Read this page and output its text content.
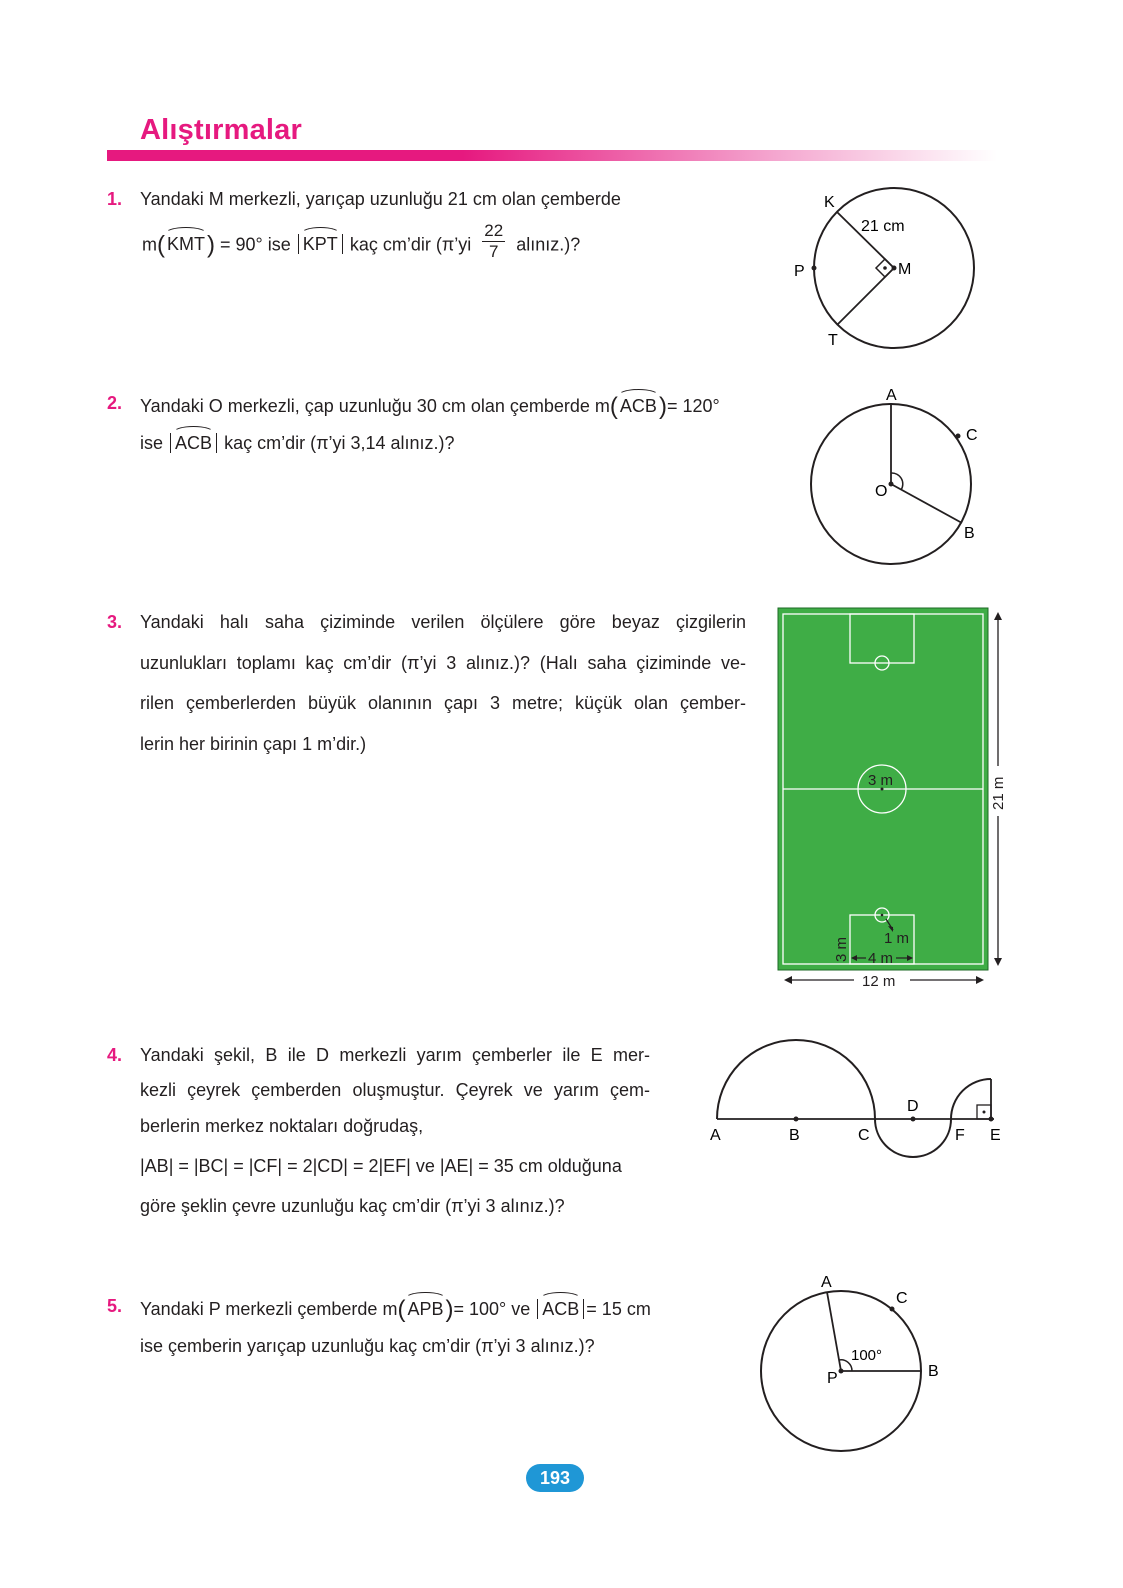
Alıştırmalar
1. Yandaki M merkezli, yarıçap uzunluğu 21 cm olan çemberde
m( KMT) = 90° ise KPT kaç cm’dir (π’yi $\frac{22}{7}$ alınız.)?
K
P
T
M
21 cm
2. Yandaki O merkezli, çap uzunluğu 30 cm olan çemberde m( ACB)= 120°
ise ACB kaç cm’dir (π’yi 3,14 alınız.)?
A
C
O
B
3. Yandaki halı saha çiziminde verilen ölçülere göre beyaz çizgilerin
uzunlukları toplamı kaç cm’dir (π’yi 3 alınız.)? (Halı saha çiziminde ve-
rilen çemberlerden büyük olanının çapı 3 metre; küçük olan çember-
lerin her birinin çapı 1 m’dir.)
3 m
1 m
3 m 4 m
12 m
21 m
4. Yandaki şekil, B ile D merkezli yarım çemberler ile E mer-
kezli çeyrek çemberden oluşmuştur. Çeyrek ve yarım çem-
berlerin merkez noktaları doğrudaş,
|AB| = |BC| = |CF| = 2|CD| = 2|EF| ve |AE| = 35 cm olduğuna
göre şeklin çevre uzunluğu kaç cm’dir (π’yi 3 alınız.)?
A	B	C
D
F E
5. Yandaki P merkezli çemberde m( APB)= 100° ve ACB = 15 cm
ise çemberin yarıçap uzunluğu kaç cm’dir (π’yi 3 alınız.)?
A
C
P	B
100°
193
